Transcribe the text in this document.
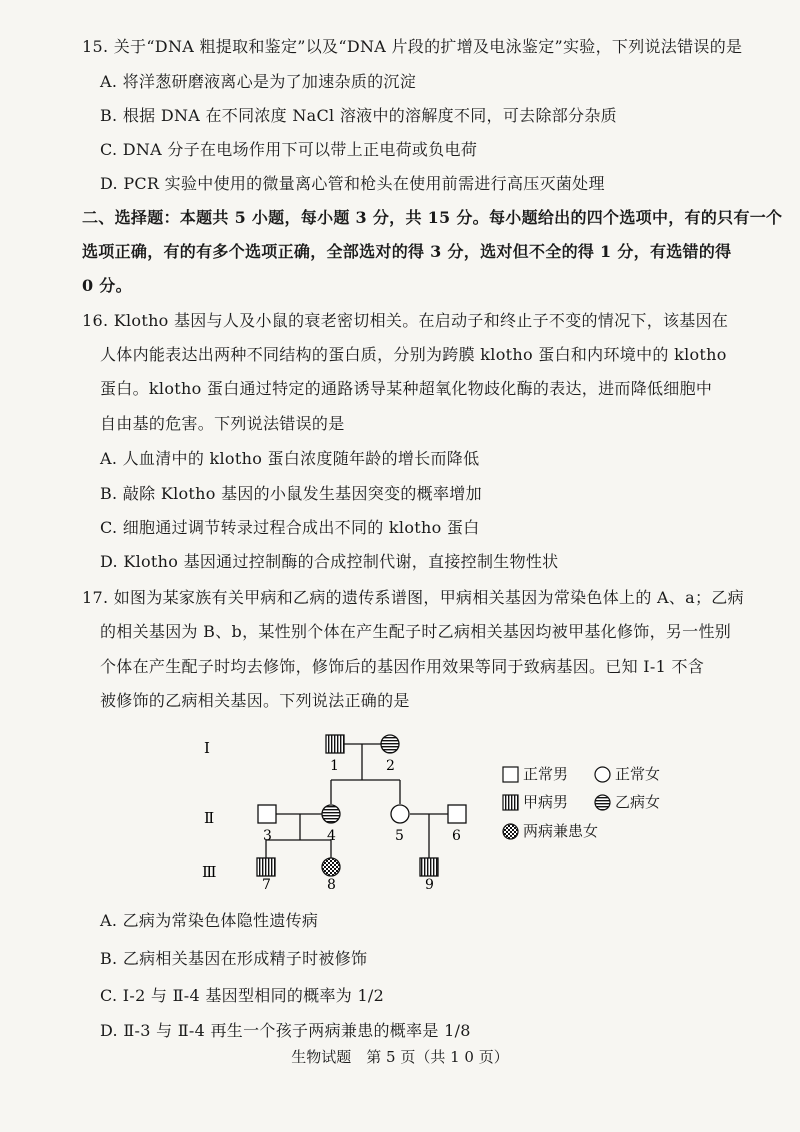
15. 关于“DNA 粗提取和鉴定”以及“DNA 片段的扩增及电泳鉴定”实验，下列说法错误的是
A. 将洋葱研磨液离心是为了加速杂质的沉淀
B. 根据 DNA 在不同浓度 NaCl 溶液中的溶解度不同，可去除部分杂质
C. DNA 分子在电场作用下可以带上正电荷或负电荷
D. PCR 实验中使用的微量离心管和枪头在使用前需进行高压灭菌处理
二、选择题：本题共 5 小题，每小题 3 分，共 15 分。每小题给出的四个选项中，有的只有一个
选项正确，有的有多个选项正确，全部选对的得 3 分，选对但不全的得 1 分，有选错的得
0 分。
16. Klotho 基因与人及小鼠的衰老密切相关。在启动子和终止子不变的情况下，该基因在
人体内能表达出两种不同结构的蛋白质，分别为跨膜 klotho 蛋白和内环境中的 klotho
蛋白。klotho 蛋白通过特定的通路诱导某种超氧化物歧化酶的表达，进而降低细胞中
自由基的危害。下列说法错误的是
A. 人血清中的 klotho 蛋白浓度随年龄的增长而降低
B. 敲除 Klotho 基因的小鼠发生基因突变的概率增加
C. 细胞通过调节转录过程合成出不同的 klotho 蛋白
D. Klotho 基因通过控制酶的合成控制代谢，直接控制生物性状
17. 如图为某家族有关甲病和乙病的遗传系谱图，甲病相关基因为常染色体上的 A、a；乙病
的相关基因为 B、b，某性别个体在产生配子时乙病相关基因均被甲基化修饰，另一性别
个体在产生配子时均去修饰，修饰后的基因作用效果等同于致病基因。已知 Ⅰ-1 不含
被修饰的乙病相关基因。下列说法正确的是
Ⅰ
Ⅱ
Ⅲ
1	2
3	4	5	6
7	8	9
正常男	正常女
甲病男	乙病女
两病兼患女
A. 乙病为常染色体隐性遗传病
B. 乙病相关基因在形成精子时被修饰
C. Ⅰ-2 与 Ⅱ-4 基因型相同的概率为 1/2
D. Ⅱ-3 与 Ⅱ-4 再生一个孩子两病兼患的概率是 1/8
生物试题　第 5 页（共 1 0 页）
